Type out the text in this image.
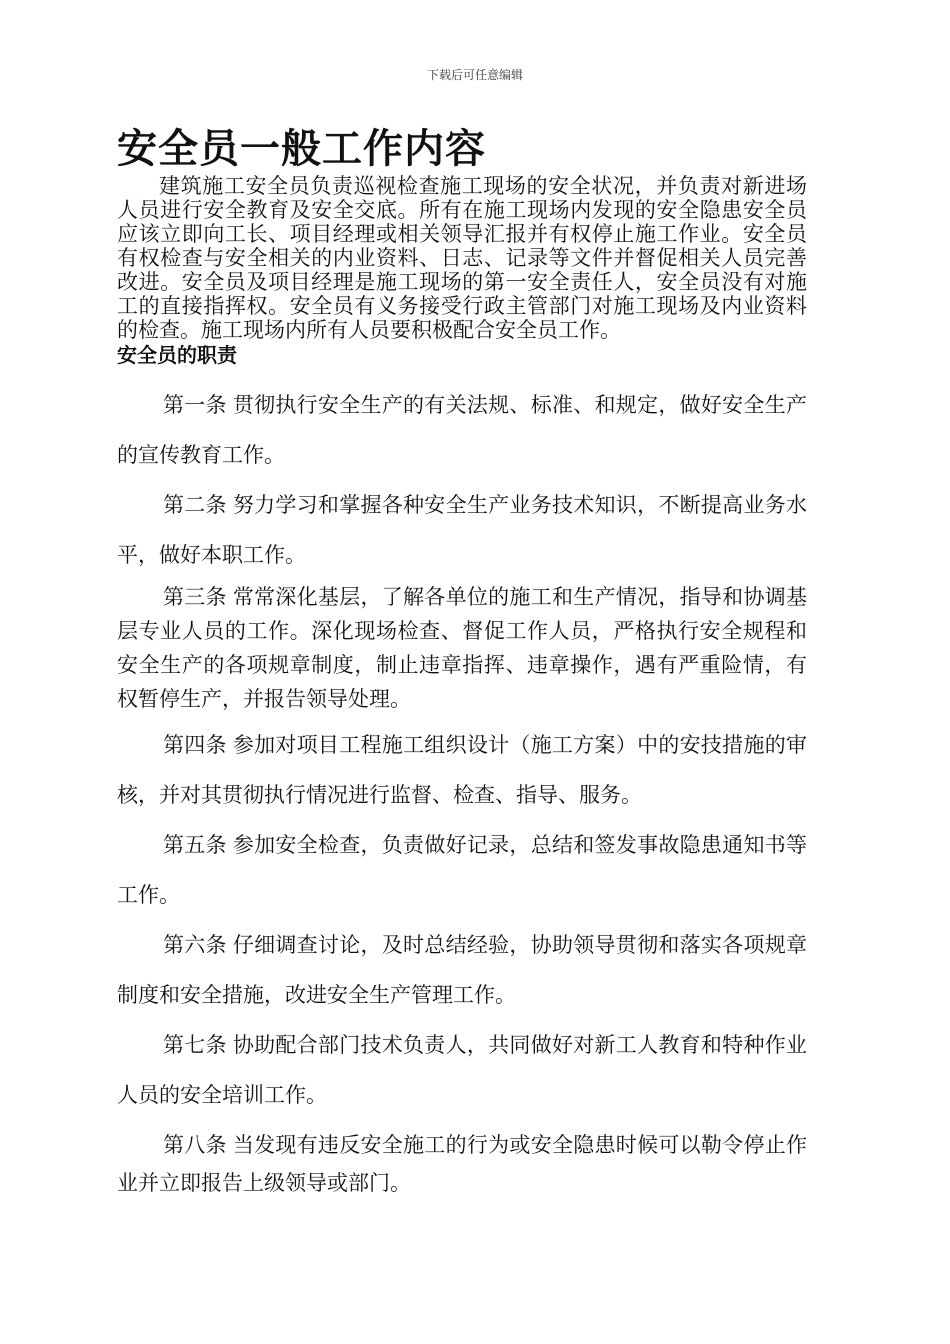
下载后可任意编辑
安全员一般工作内容

建筑施工安全员负责巡视检查施工现场的安全状况，并负责对新进场人员进行安全教育及安全交底。所有在施工现场内发现的安全隐患安全员应该立即向工长、项目经理或相关领导汇报并有权停止施工作业。安全员有权检查与安全相关的内业资料、日志、记录等文件并督促相关人员完善改进。安全员及项目经理是施工现场的第一安全责任人，安全员没有对施工的直接指挥权。安全员有义务接受行政主管部门对施工现场及内业资料的检查。施工现场内所有人员要积极配合安全员工作。

安全员的职责

第一条 贯彻执行安全生产的有关法规、标准、和规定，做好安全生产的宣传教育工作。

第二条 努力学习和掌握各种安全生产业务技术知识，不断提高业务水平，做好本职工作。

第三条 常常深化基层，了解各单位的施工和生产情况，指导和协调基层专业人员的工作。深化现场检查、督促工作人员，严格执行安全规程和安全生产的各项规章制度，制止违章指挥、违章操作，遇有严重险情，有权暂停生产，并报告领导处理。

第四条 参加对项目工程施工组织设计（施工方案）中的安技措施的审核，并对其贯彻执行情况进行监督、检查、指导、服务。

第五条 参加安全检查，负责做好记录，总结和签发事故隐患通知书等工作。

第六条 仔细调查讨论，及时总结经验，协助领导贯彻和落实各项规章制度和安全措施，改进安全生产管理工作。

第七条 协助配合部门技术负责人，共同做好对新工人教育和特种作业人员的安全培训工作。

第八条 当发现有违反安全施工的行为或安全隐患时候可以勒令停止作业并立即报告上级领导或部门。
